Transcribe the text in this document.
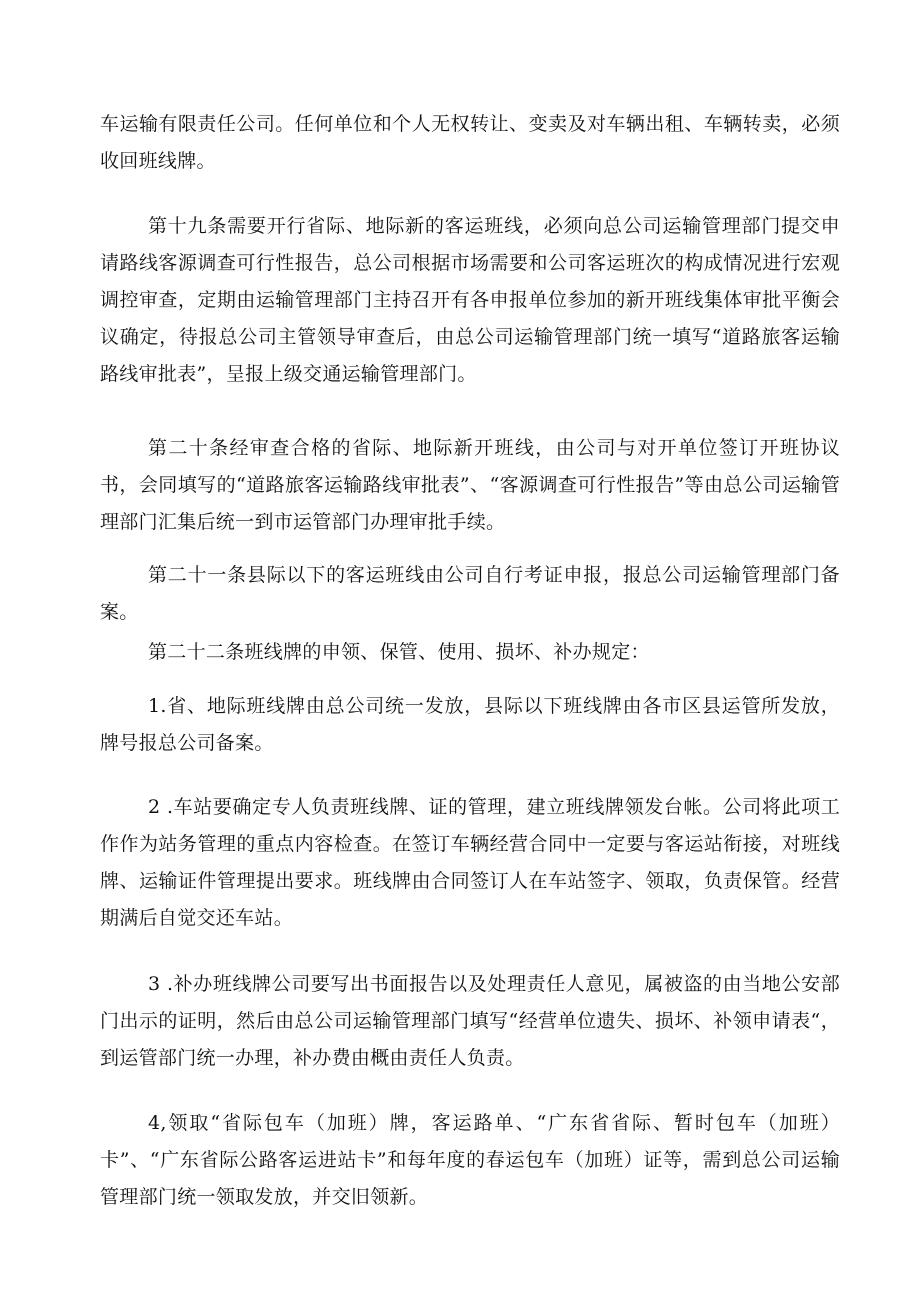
车运输有限责任公司。任何单位和个人无权转让、变卖及对车辆出租、车辆转卖，必须收回班线牌。

第十九条需要开行省际、地际新的客运班线，必须向总公司运输管理部门提交申请路线客源调查可行性报告，总公司根据市场需要和公司客运班次的构成情况进行宏观调控审查，定期由运输管理部门主持召开有各申报单位参加的新开班线集体审批平衡会议确定，待报总公司主管领导审查后，由总公司运输管理部门统一填写“道路旅客运输路线审批表”，呈报上级交通运输管理部门。

第二十条经审查合格的省际、地际新开班线，由公司与对开单位签订开班协议书，会同填写的“道路旅客运输路线审批表”、“客源调查可行性报告”等由总公司运输管理部门汇集后统一到市运管部门办理审批手续。

第二十一条县际以下的客运班线由公司自行考证申报，报总公司运输管理部门备案。

第二十二条班线牌的申领、保管、使用、损坏、补办规定：

1.省、地际班线牌由总公司统一发放，县际以下班线牌由各市区县运管所发放，牌号报总公司备案。

2 .车站要确定专人负责班线牌、证的管理，建立班线牌领发台帐。公司将此项工作作为站务管理的重点内容检查。在签订车辆经营合同中一定要与客运站衔接，对班线牌、运输证件管理提出要求。班线牌由合同签订人在车站签字、领取，负责保管。经营期满后自觉交还车站。

3 .补办班线牌公司要写出书面报告以及处理责任人意见，属被盗的由当地公安部门出示的证明，然后由总公司运输管理部门填写“经营单位遗失、损坏、补领申请表“，到运管部门统一办理，补办费由概由责任人负责。

4,领取“省际包车（加班）牌，客运路单、“广东省省际、暂时包车（加班）卡”、“广东省际公路客运进站卡”和每年度的春运包车（加班）证等，需到总公司运输管理部门统一领取发放，并交旧领新。
